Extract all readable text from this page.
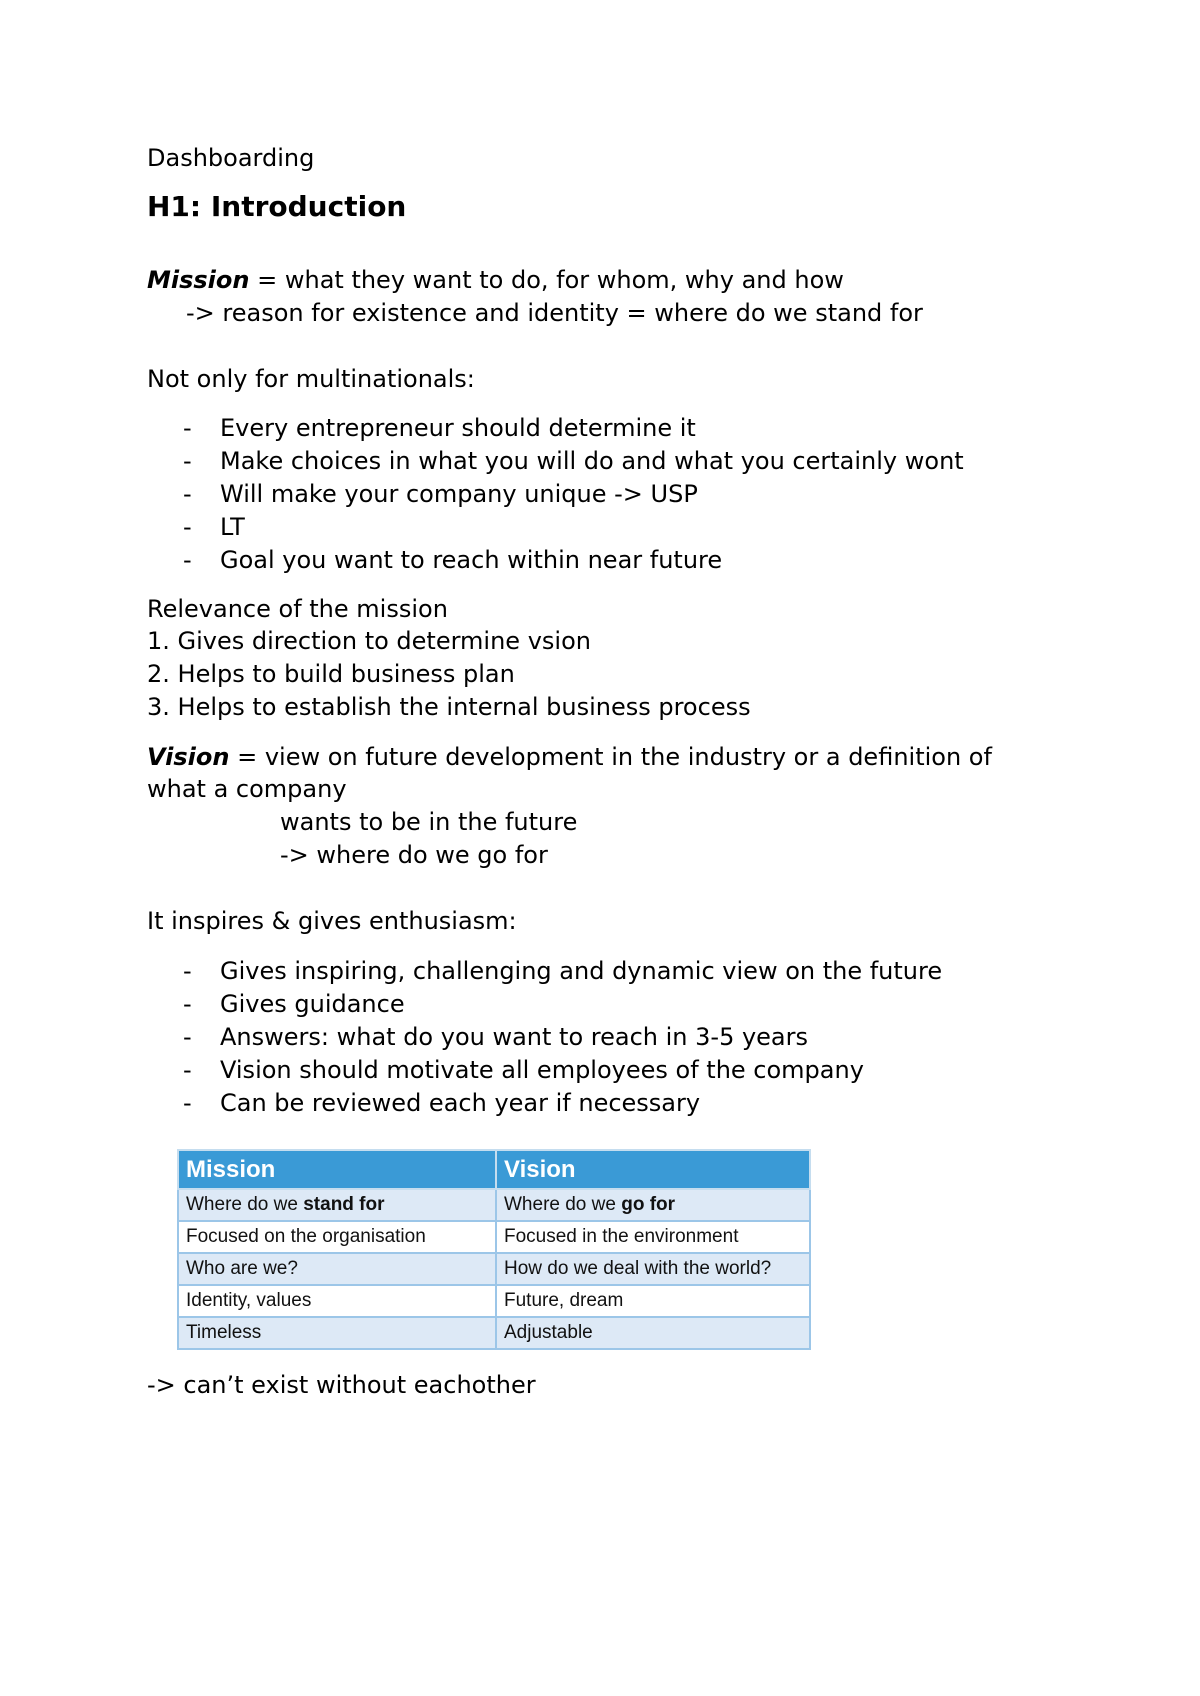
Dashboarding
H1: Introduction
Mission = what they want to do, for whom, why and how
-> reason for existence and identity = where do we stand for
Not only for multinationals:
- Every entrepreneur should determine it
- Make choices in what you will do and what you certainly wont
- Will make your company unique -> USP
- LT
- Goal you want to reach within near future
Relevance of the mission
1. Gives direction to determine vsion
2. Helps to build business plan
3. Helps to establish the internal business process
Vision = view on future development in the industry or a definition of
what a company
wants to be in the future
-> where do we go for
It inspires & gives enthusiasm:
- Gives inspiring, challenging and dynamic view on the future
- Gives guidance
- Answers: what do you want to reach in 3-5 years
- Vision should motivate all employees of the company
- Can be reviewed each year if necessary
Mission	Vision
Where do we stand for	Where do we go for
Focused on the organisation	Focused in the environment
Who are we?	How do we deal with the world?
Identity, values	Future, dream
Timeless	Adjustable
-> can’t exist without eachother
